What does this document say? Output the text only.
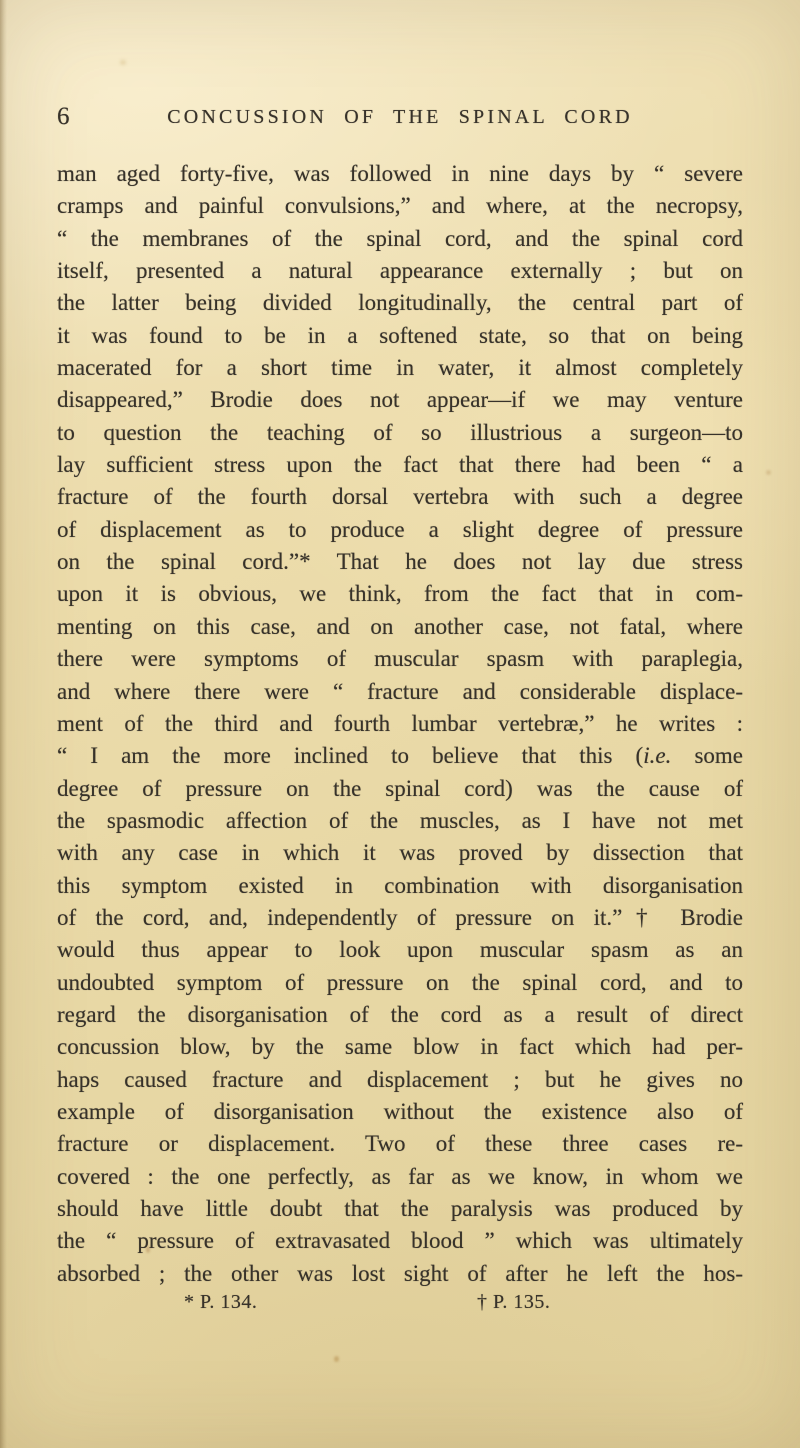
6	CONCUSSION OF THE SPINAL CORD
man aged forty-five, was followed in nine days by “ severe
cramps and painful convulsions,” and where, at the necropsy,
“ the membranes of the spinal cord, and the spinal cord
itself, presented a natural appearance externally ; but on
the latter being divided longitudinally, the central part of
it was found to be in a softened state, so that on being
macerated for a short time in water, it almost completely
disappeared,” Brodie does not appear—if we may venture
to question the teaching of so illustrious a surgeon—to
lay sufficient stress upon the fact that there had been “ a
fracture of the fourth dorsal vertebra with such a degree
of displacement as to produce a slight degree of pressure
on the spinal cord.”* That he does not lay due stress
upon it is obvious, we think, from the fact that in com-
menting on this case, and on another case, not fatal, where
there were symptoms of muscular spasm with paraplegia,
and where there were “ fracture and considerable displace-
ment of the third and fourth lumbar vertebræ,” he writes :
“ I am the more inclined to believe that this (i.e. some
degree of pressure on the spinal cord) was the cause of
the spasmodic affection of the muscles, as I have not met
with any case in which it was proved by dissection that
this symptom existed in combination with disorganisation
of the cord, and, independently of pressure on it.”† Brodie
would thus appear to look upon muscular spasm as an
undoubted symptom of pressure on the spinal cord, and to
regard the disorganisation of the cord as a result of direct
concussion blow, by the same blow in fact which had per-
haps caused fracture and displacement ; but he gives no
example of disorganisation without the existence also of
fracture or displacement. Two of these three cases re-
covered : the one perfectly, as far as we know, in whom we
should have little doubt that the paralysis was produced by
the “ pressure of extravasated blood ” which was ultimately
absorbed ; the other was lost sight of after he left the hos-
* P. 134.	† P. 135.
